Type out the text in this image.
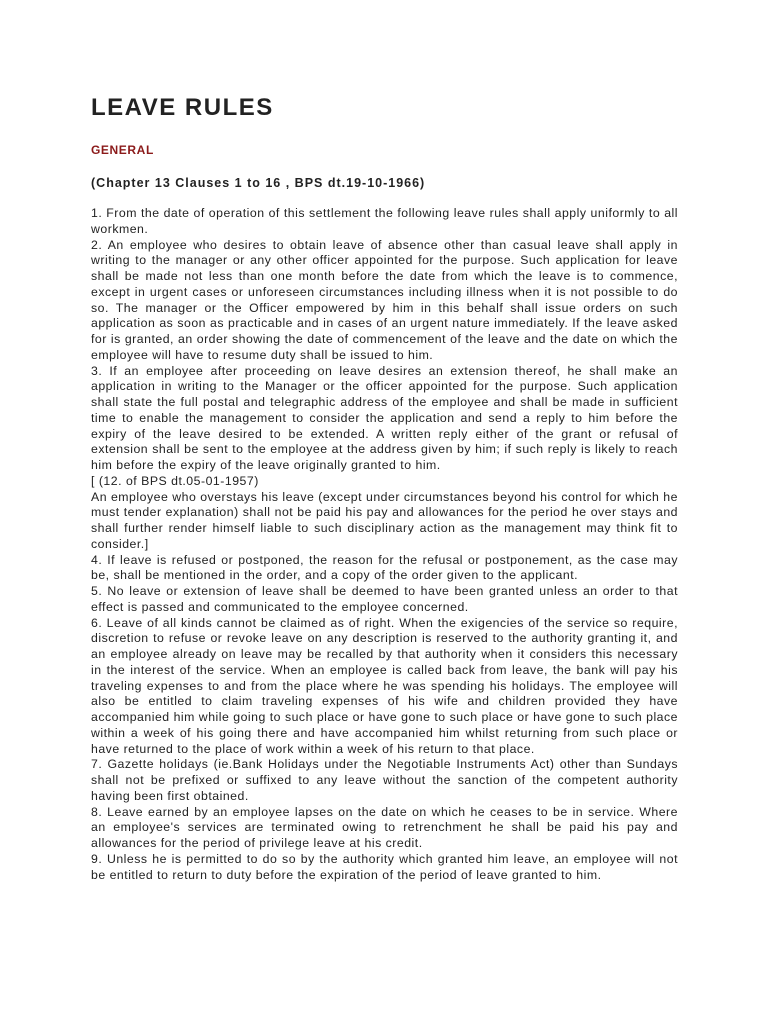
LEAVE RULES
GENERAL
(Chapter 13 Clauses 1 to 16 , BPS dt.19-10-1966)

1. From the date of operation of this settlement the following leave rules shall apply uniformly to all workmen.

2. An employee who desires to obtain leave of absence other than casual leave shall apply in writing to the manager or any other officer appointed for the purpose. Such application for leave shall be made not less than one month before the date from which the leave is to commence, except in urgent cases or unforeseen circumstances including illness when it is not possible to do so. The manager or the Officer empowered by him in this behalf shall issue orders on such application as soon as practicable and in cases of an urgent nature immediately. If the leave asked for is granted, an order showing the date of commencement of the leave and the date on which the employee will have to resume duty shall be issued to him.

3. If an employee after proceeding on leave desires an extension thereof, he shall make an application in writing to the Manager or the officer appointed for the purpose. Such application shall state the full postal and telegraphic address of the employee and shall be made in sufficient time to enable the management to consider the application and send a reply to him before the expiry of the leave desired to be extended. A written reply either of the grant or refusal of extension shall be sent to the employee at the address given by him; if such reply is likely to reach him before the expiry of the leave originally granted to him.

[ (12. of BPS dt.05-01-1957)

An employee who overstays his leave (except under circumstances beyond his control for which he must tender explanation) shall not be paid his pay and allowances for the period he over stays and shall further render himself liable to such disciplinary action as the management may think fit to consider.]

4. If leave is refused or postponed, the reason for the refusal or postponement, as the case may be, shall be mentioned in the order, and a copy of the order given to the applicant.

5. No leave or extension of leave shall be deemed to have been granted unless an order to that effect is passed and communicated to the employee concerned.

6. Leave of all kinds cannot be claimed as of right. When the exigencies of the service so require, discretion to refuse or revoke leave on any description is reserved to the authority granting it, and an employee already on leave may be recalled by that authority when it considers this necessary in the interest of the service. When an employee is called back from leave, the bank will pay his traveling expenses to and from the place where he was spending his holidays. The employee will also be entitled to claim traveling expenses of his wife and children provided they have accompanied him while going to such place or have gone to such place or have gone to such place within a week of his going there and have accompanied him whilst returning from such place or have returned to the place of work within a week of his return to that place.

7. Gazette holidays (ie.Bank Holidays under the Negotiable Instruments Act) other than Sundays shall not be prefixed or suffixed to any leave without the sanction of the competent authority having been first obtained.

8. Leave earned by an employee lapses on the date on which he ceases to be in service. Where an employee's services are terminated owing to retrenchment he shall be paid his pay and allowances for the period of privilege leave at his credit.

9. Unless he is permitted to do so by the authority which granted him leave, an employee will not be entitled to return to duty before the expiration of the period of leave granted to him.
